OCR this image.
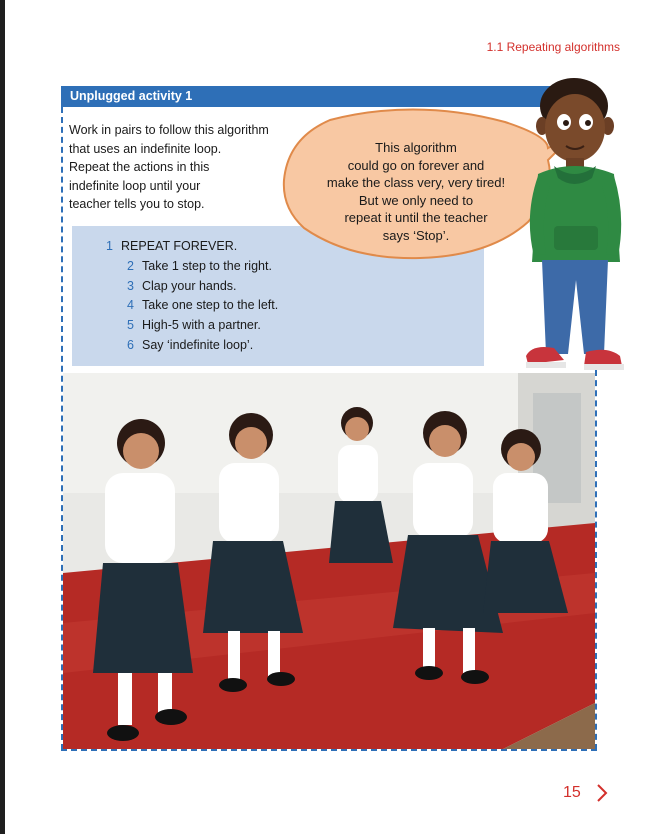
1.1 Repeating algorithms
Unplugged activity 1

Work in pairs to follow this algorithm
that uses an indefinite loop.
Repeat the actions in this
indefinite loop until your
teacher tells you to stop.

1 REPEAT FOREVER.
2 Take 1 step to the right.
3 Clap your hands.
4 Take one step to the left.
5 High-5 with a partner.
6 Say ‘indefinite loop’.
This algorithm
could go on forever and
make the class very, very tired!
But we only need to
repeat it until the teacher
says ‘Stop’.
15
